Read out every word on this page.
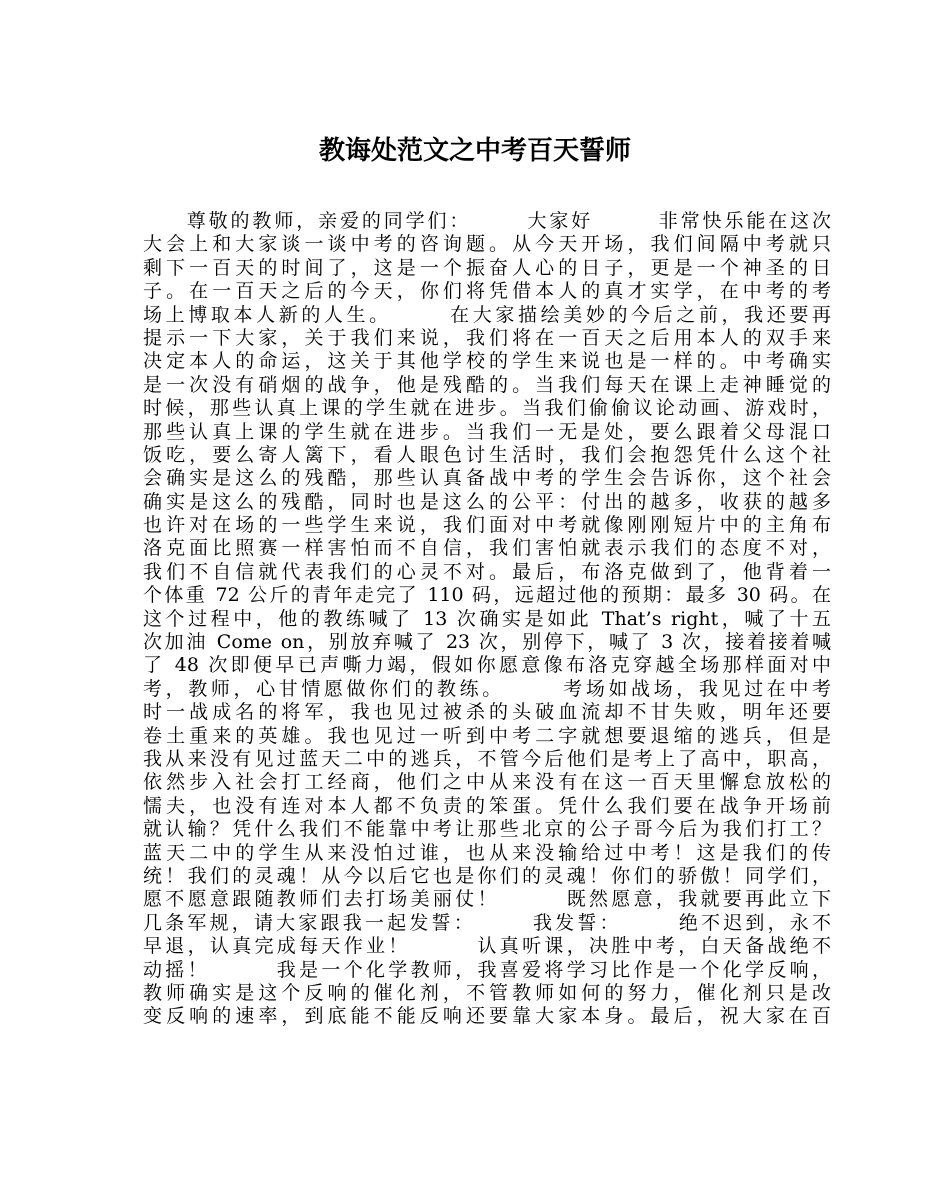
教诲处范文之中考百天誓师
　　尊敬的教师，亲爱的同学们：　　　大家好　　　非常快乐能在这次
大会上和大家谈一谈中考的咨询题。从今天开场，我们间隔中考就只
剩下一百天的时间了，这是一个振奋人心的日子，更是一个神圣的日
子。在一百天之后的今天，你们将凭借本人的真才实学，在中考的考
场上博取本人新的人生。　　　在大家描绘美妙的今后之前，我还要再
提示一下大家，关于我们来说，我们将在一百天之后用本人的双手来
决定本人的命运，这关于其他学校的学生来说也是一样的。中考确实
是一次没有硝烟的战争，他是残酷的。当我们每天在课上走神睡觉的
时候，那些认真上课的学生就在进步。当我们偷偷议论动画、游戏时，
那些认真上课的学生就在进步。当我们一无是处，要么跟着父母混口
饭吃，要么寄人篱下，看人眼色讨生活时，我们会抱怨凭什么这个社
会确实是这么的残酷，那些认真备战中考的学生会告诉你，这个社会
确实是这么的残酷，同时也是这么的公平：付出的越多，收获的越多
也许对在场的一些学生来说，我们面对中考就像刚刚短片中的主角布
洛克面比照赛一样害怕而不自信，我们害怕就表示我们的态度不对，
我们不自信就代表我们的心灵不对。最后，布洛克做到了，他背着一
个体重 72 公斤的青年走完了 110 码，远超过他的预期：最多 30 码。在
这个过程中，他的教练喊了 13 次确实是如此 That’s right，喊了十五
次加油 Come on，别放弃喊了 23 次，别停下，喊了 3 次，接着接着喊
了 48 次即便早已声嘶力竭，假如你愿意像布洛克穿越全场那样面对中
考，教师，心甘情愿做你们的教练。　　　考场如战场，我见过在中考
时一战成名的将军，我也见过被杀的头破血流却不甘失败，明年还要
卷土重来的英雄。我也见过一听到中考二字就想要退缩的逃兵，但是
我从来没有见过蓝天二中的逃兵，不管今后他们是考上了高中，职高，
依然步入社会打工经商，他们之中从来没有在这一百天里懈怠放松的
懦夫，也没有连对本人都不负责的笨蛋。凭什么我们要在战争开场前
就认输？凭什么我们不能靠中考让那些北京的公子哥今后为我们打工？
蓝天二中的学生从来没怕过谁，也从来没输给过中考！这是我们的传
统！我们的灵魂！从今以后它也是你们的灵魂！你们的骄傲！同学们，
愿不愿意跟随教师们去打场美丽仗！　　　既然愿意，我就要再此立下
几条军规，请大家跟我一起发誓：　　　我发誓：　　　绝不迟到，永不
早退，认真完成每天作业！　　　认真听课，决胜中考，白天备战绝不
动摇！　　　我是一个化学教师，我喜爱将学习比作是一个化学反响，
教师确实是这个反响的催化剂，不管教师如何的努力，催化剂只是改
变反响的速率，到底能不能反响还要靠大家本身。最后，祝大家在百
